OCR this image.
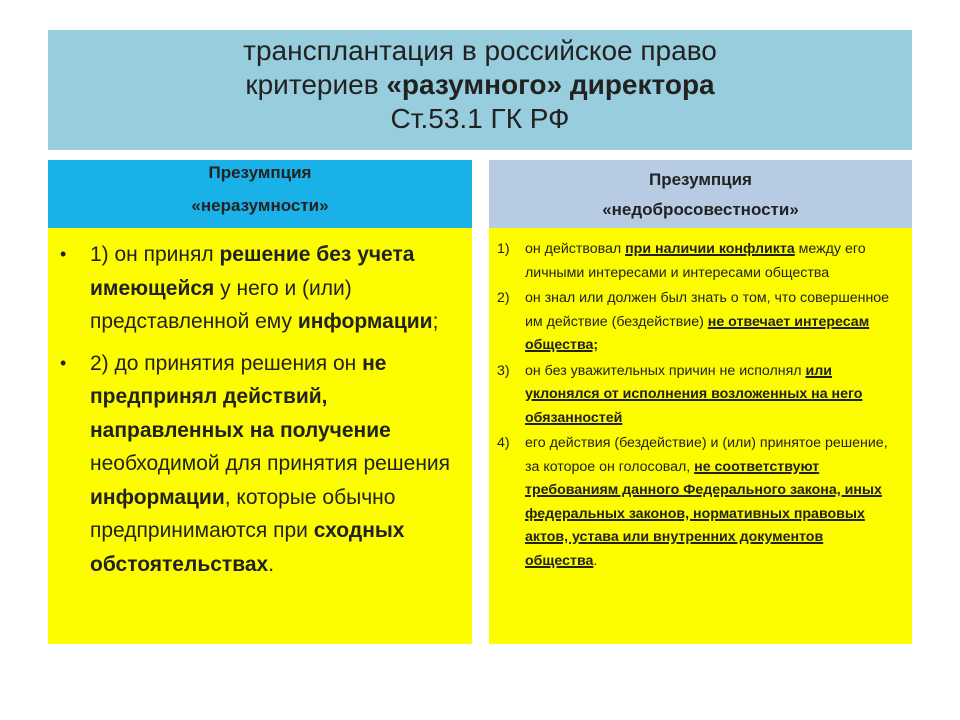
трансплантация в российское право
критериев «разумного» директора
Ст.53.1 ГК РФ
Презумпция
«неразумности»
Презумпция
«недобросовестности»
• 1) он принял решение без учета имеющейся у него и (или) представленной ему информации;
• 2) до принятия решения он не предпринял действий, направленных на получение необходимой для принятия решения информации, которые обычно предпринимаются при сходных обстоятельствах.
1) он действовал при наличии конфликта между его личными интересами и интересами общества
2) он знал или должен был знать о том, что совершенное им действие (бездействие) не отвечает интересам общества;
3) он без уважительных причин не исполнял или уклонялся от исполнения возложенных на него обязанностей
4) его действия (бездействие) и (или) принятое решение, за которое он голосовал, не соответствуют требованиям данного Федерального закона, иных федеральных законов, нормативных правовых актов, устава или внутренних документов общества.
